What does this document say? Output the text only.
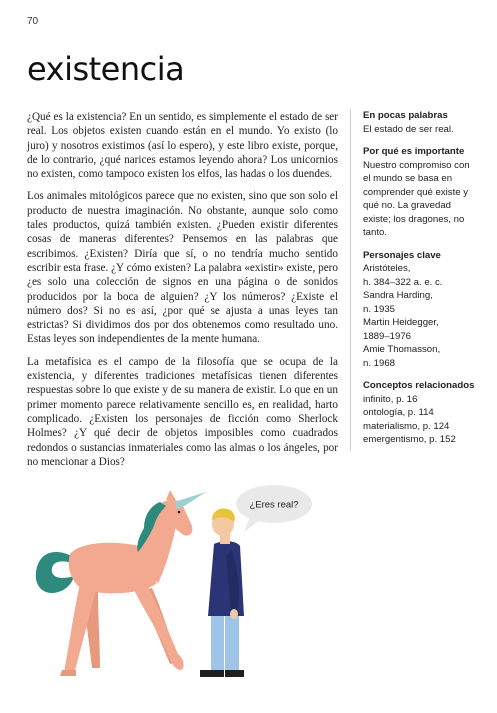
70
existencia

¿Qué es la existencia? En un sentido, es simplemente el estado de ser real. Los objetos existen cuando están en el mundo. Yo existo (lo juro) y nosotros existimos (así lo espero), y este libro existe, porque, de lo contrario, ¿qué narices estamos leyendo ahora? Los unicornios no existen, como tampoco existen los elfos, las hadas o los duendes.

Los animales mitológicos parece que no existen, sino que son solo el producto de nuestra imaginación. No obstante, aunque solo como tales productos, quizá también existen. ¿Pueden existir diferentes cosas de maneras diferentes? Pensemos en las palabras que escribimos. ¿Existen? Diría que sí, o no tendría mucho sentido escribir esta frase. ¿Y cómo existen? La palabra «existir» existe, pero ¿es solo una colección de signos en una página o de sonidos producidos por la boca de alguien? ¿Y los números? ¿Existe el número dos? Si no es así, ¿por qué se ajusta a unas leyes tan estrictas? Si dividimos dos por dos obtenemos como resultado uno. Estas leyes son independientes de la mente humana.

La metafísica es el campo de la filosofía que se ocupa de la existencia, y diferentes tradiciones metafísicas tienen diferentes respuestas sobre lo que existe y de su manera de existir. Lo que en un primer momento parece relativamente sencillo es, en realidad, harto complicado. ¿Existen los personajes de ficción como Sherlock Holmes? ¿Y qué decir de objetos imposibles como cuadrados redondos o sustancias inmateriales como las almas o los ángeles, por no mencionar a Dios?

En pocas palabras
El estado de ser real.
Por qué es importante
Nuestro compromiso con el mundo se basa en comprender qué existe y qué no. La gravedad existe; los dragones, no tanto.
Personajes clave
Aristóteles,
h. 384–322 a. e. c.
Sandra Harding,
n. 1935
Martin Heidegger,
1889–1976
Amie Thomasson,
n. 1968
Conceptos relacionados
infinito, p. 16
ontología, p. 114
materialismo, p. 124
emergentismo, p. 152
¿Eres real?
